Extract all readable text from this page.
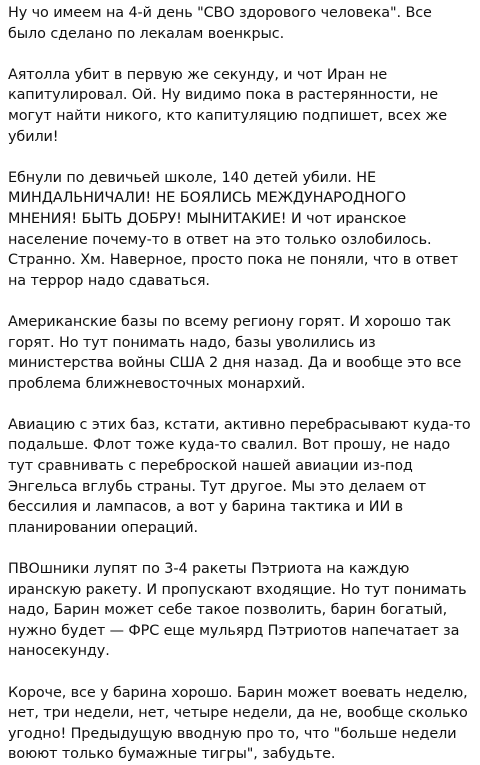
Ну чо имеем на 4-й день "СВО здорового человека". Все было сделано по лекалам военкрыс.

Аятолла убит в первую же секунду, и чот Иран не капитулировал. Ой. Ну видимо пока в растерянности, не могут найти никого, кто капитуляцию подпишет, всех же убили!

Ебнули по девичьей школе, 140 детей убили. НЕ МИНДАЛЬНИЧАЛИ! НЕ БОЯЛИСЬ МЕЖДУНАРОДНОГО МНЕНИЯ! БЫТЬ ДОБРУ! МЫНИТАКИЕ! И чот иранское население почему-то в ответ на это только озлобилось. Странно. Хм. Наверное, просто пока не поняли, что в ответ на террор надо сдаваться.

Американские базы по всему региону горят. И хорошо так горят. Но тут понимать надо, базы уволились из министерства войны США 2 дня назад. Да и вообще это все проблема ближневосточных монархий.

Авиацию с этих баз, кстати, активно перебрасывают куда-то подальше. Флот тоже куда-то свалил. Вот прошу, не надо тут сравнивать с переброской нашей авиации из-под Энгельса вглубь страны. Тут другое. Мы это делаем от бессилия и лампасов, а вот у барина тактика и ИИ в планировании операций.

ПВОшники лупят по 3-4 ракеты Пэтриота на каждую иранскую ракету. И пропускают входящие. Но тут понимать надо, Барин может себе такое позволить, барин богатый, нужно будет — ФРС еще мульярд Пэтриотов напечатает за наносекунду.

Короче, все у барина хорошо. Барин может воевать неделю, нет, три недели, нет, четыре недели, да не, вообще сколько угодно! Предыдущую вводную про то, что "больше недели воюют только бумажные тигры", забудьте.
